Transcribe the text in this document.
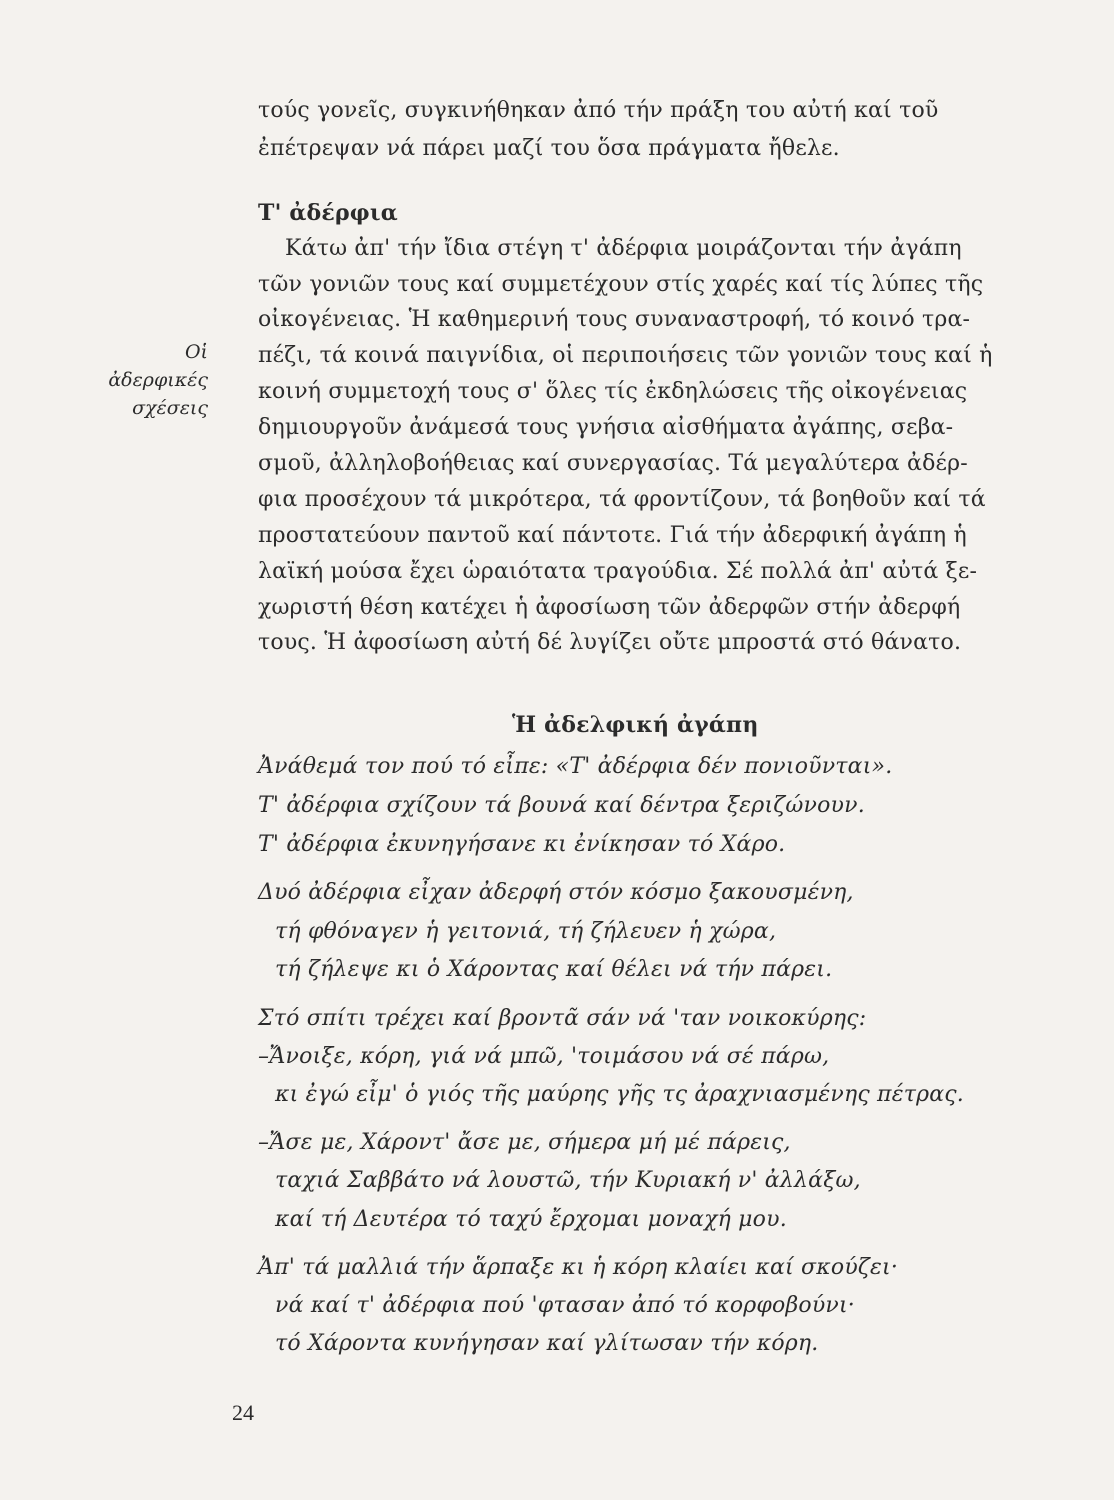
τούς γονεῖς, συγκινήθηκαν ἀπό τήν πράξη του αὐτή καί τοῦ
ἐπέτρεψαν νά πάρει μαζί του ὅσα πράγματα ἤθελε.
Τ' ἀδέρφια
Κάτω ἀπ' τήν ἴδια στέγη τ' ἀδέρφια μοιράζονται τήν ἀγάπη
τῶν γονιῶν τους καί συμμετέχουν στίς χαρές καί τίς λύπες τῆς
οἰκογένειας. Ἡ καθημερινή τους συναναστροφή, τό κοινό τρα-
πέζι, τά κοινά παιγνίδια, οἱ περιποιήσεις τῶν γονιῶν τους καί ἡ
κοινή συμμετοχή τους σ' ὅλες τίς ἐκδηλώσεις τῆς οἰκογένειας
δημιουργοῦν ἀνάμεσά τους γνήσια αἰσθήματα ἀγάπης, σεβα-
σμοῦ, ἀλληλοβοήθειας καί συνεργασίας. Τά μεγαλύτερα ἀδέρ-
φια προσέχουν τά μικρότερα, τά φροντίζουν, τά βοηθοῦν καί τά
προστατεύουν παντοῦ καί πάντοτε. Γιά τήν ἀδερφική ἀγάπη ἡ
λαϊκή μούσα ἔχει ὡραιότατα τραγούδια. Σέ πολλά ἀπ' αὐτά ξε-
χωριστή θέση κατέχει ἡ ἀφοσίωση τῶν ἀδερφῶν στήν ἀδερφή
τους. Ἡ ἀφοσίωση αὐτή δέ λυγίζει οὔτε μπροστά στό θάνατο.
Οἱ
ἀδερφικές
σχέσεις
Ἡ ἀδελφική ἀγάπη
Ἀνάθεμά τον πού τό εἶπε: «Τ' ἀδέρφια δέν πονιοῦνται».
Τ' ἀδέρφια σχίζουν τά βουνά καί δέντρα ξεριζώνουν.
Τ' ἀδέρφια ἐκυνηγήσανε κι ἐνίκησαν τό Χάρο.
Δυό ἀδέρφια εἶχαν ἀδερφή στόν κόσμο ξακουσμένη,
τή φθόναγεν ἡ γειτονιά, τή ζήλευεν ἡ χώρα,
τή ζήλεψε κι ὁ Χάροντας καί θέλει νά τήν πάρει.
Στό σπίτι τρέχει καί βροντᾶ σάν νά 'ταν νοικοκύρης:
–Ἄνοιξε, κόρη, γιά νά μπῶ, 'τοιμάσου νά σέ πάρω,
κι ἐγώ εἶμ' ὁ γιός τῆς μαύρης γῆς τς ἀραχνιασμένης πέτρας.
–Ἄσε με, Χάροντ' ἄσε με, σήμερα μή μέ πάρεις,
ταχιά Σαββάτο νά λουστῶ, τήν Κυριακή ν' ἀλλάξω,
καί τή Δευτέρα τό ταχύ ἔρχομαι μοναχή μου.
Ἀπ' τά μαλλιά τήν ἅρπαξε κι ἡ κόρη κλαίει καί σκούζει·
νά καί τ' ἀδέρφια πού 'φτασαν ἀπό τό κορφοβούνι·
τό Χάροντα κυνήγησαν καί γλίτωσαν τήν κόρη.
24
